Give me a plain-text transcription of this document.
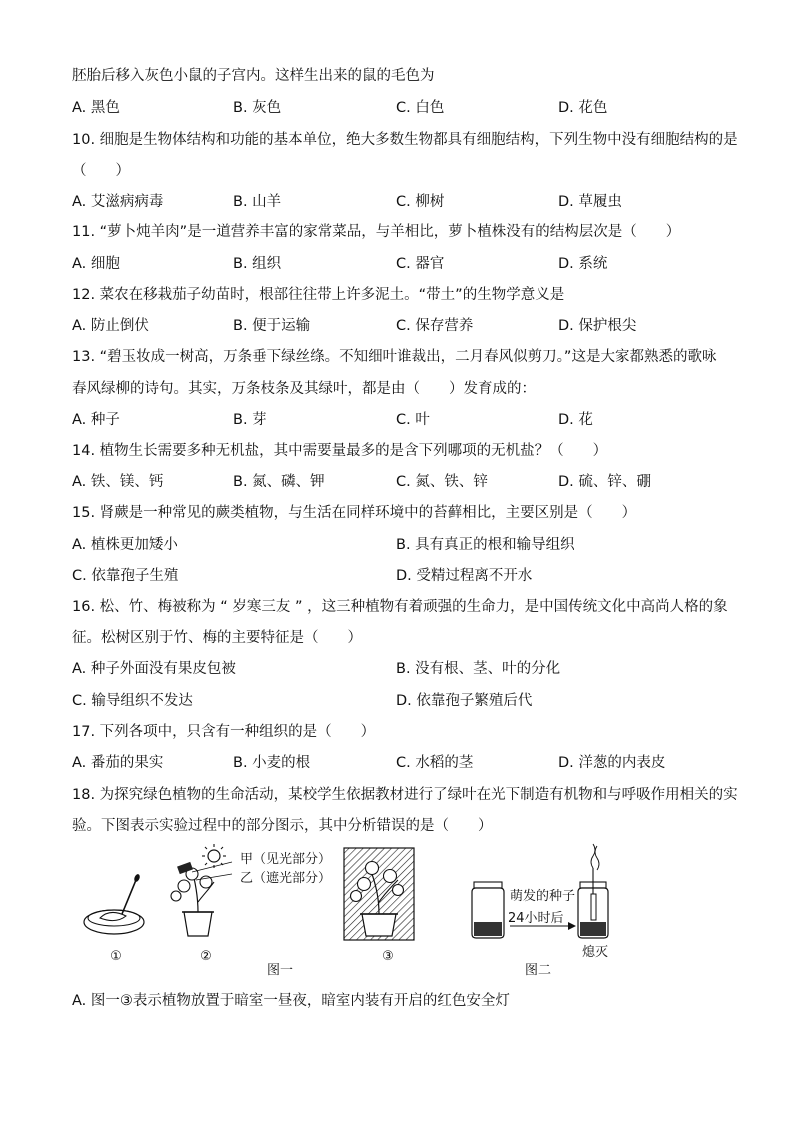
胚胎后移入灰色小鼠的子宫内。这样生出来的鼠的毛色为
A. 黑色	B. 灰色	C. 白色	D. 花色
10. 细胞是生物体结构和功能的基本单位，绝大多数生物都具有细胞结构，下列生物中没有细胞结构的是
（　　）
A. 艾滋病病毒	B. 山羊	C. 柳树	D. 草履虫
11. “萝卜炖羊肉”是一道营养丰富的家常菜品，与羊相比，萝卜植株没有的结构层次是（　　）
A. 细胞	B. 组织	C. 器官	D. 系统
12. 菜农在移栽茄子幼苗时，根部往往带上许多泥土。“带土”的生物学意义是
A. 防止倒伏	B. 便于运输	C. 保存营养	D. 保护根尖
13. “碧玉妆成一树高，万条垂下绿丝绦。不知细叶谁裁出，二月春风似剪刀。”这是大家都熟悉的歌咏
春风绿柳的诗句。其实，万条枝条及其绿叶，都是由（　　）发育成的：
A. 种子	B. 芽	C. 叶	D. 花
14. 植物生长需要多种无机盐，其中需要量最多的是含下列哪项的无机盐？（　　）
A. 铁、镁、钙	B. 氮、磷、钾	C. 氮、铁、锌	D. 硫、锌、硼
15. 肾蕨是一种常见的蕨类植物，与生活在同样环境中的苔藓相比，主要区别是（　　）
A. 植株更加矮小	B. 具有真正的根和输导组织
C. 依靠孢子生殖	D. 受精过程离不开水
16. 松、竹、梅被称为 “ 岁寒三友 ” ，这三种植物有着顽强的生命力，是中国传统文化中高尚人格的象
征。松树区别于竹、梅的主要特征是（　　）
A. 种子外面没有果皮包被	B. 没有根、茎、叶的分化
C. 输导组织不发达	D. 依靠孢子繁殖后代
17. 下列各项中，只含有一种组织的是（　　）
A. 番茄的果实	B. 小麦的根	C. 水稻的茎	D. 洋葱的内表皮
18. 为探究绿色植物的生命活动，某校学生依据教材进行了绿叶在光下制造有机物和与呼吸作用相关的实
验。下图表示实验过程中的部分图示，其中分析错误的是（　　）
①
甲（见光部分）
乙（遮光部分）
②	③
图一
萌发的种子
24小时后
熄灭
图二
A. 图一③表示植物放置于暗室一昼夜，暗室内装有开启的红色安全灯
